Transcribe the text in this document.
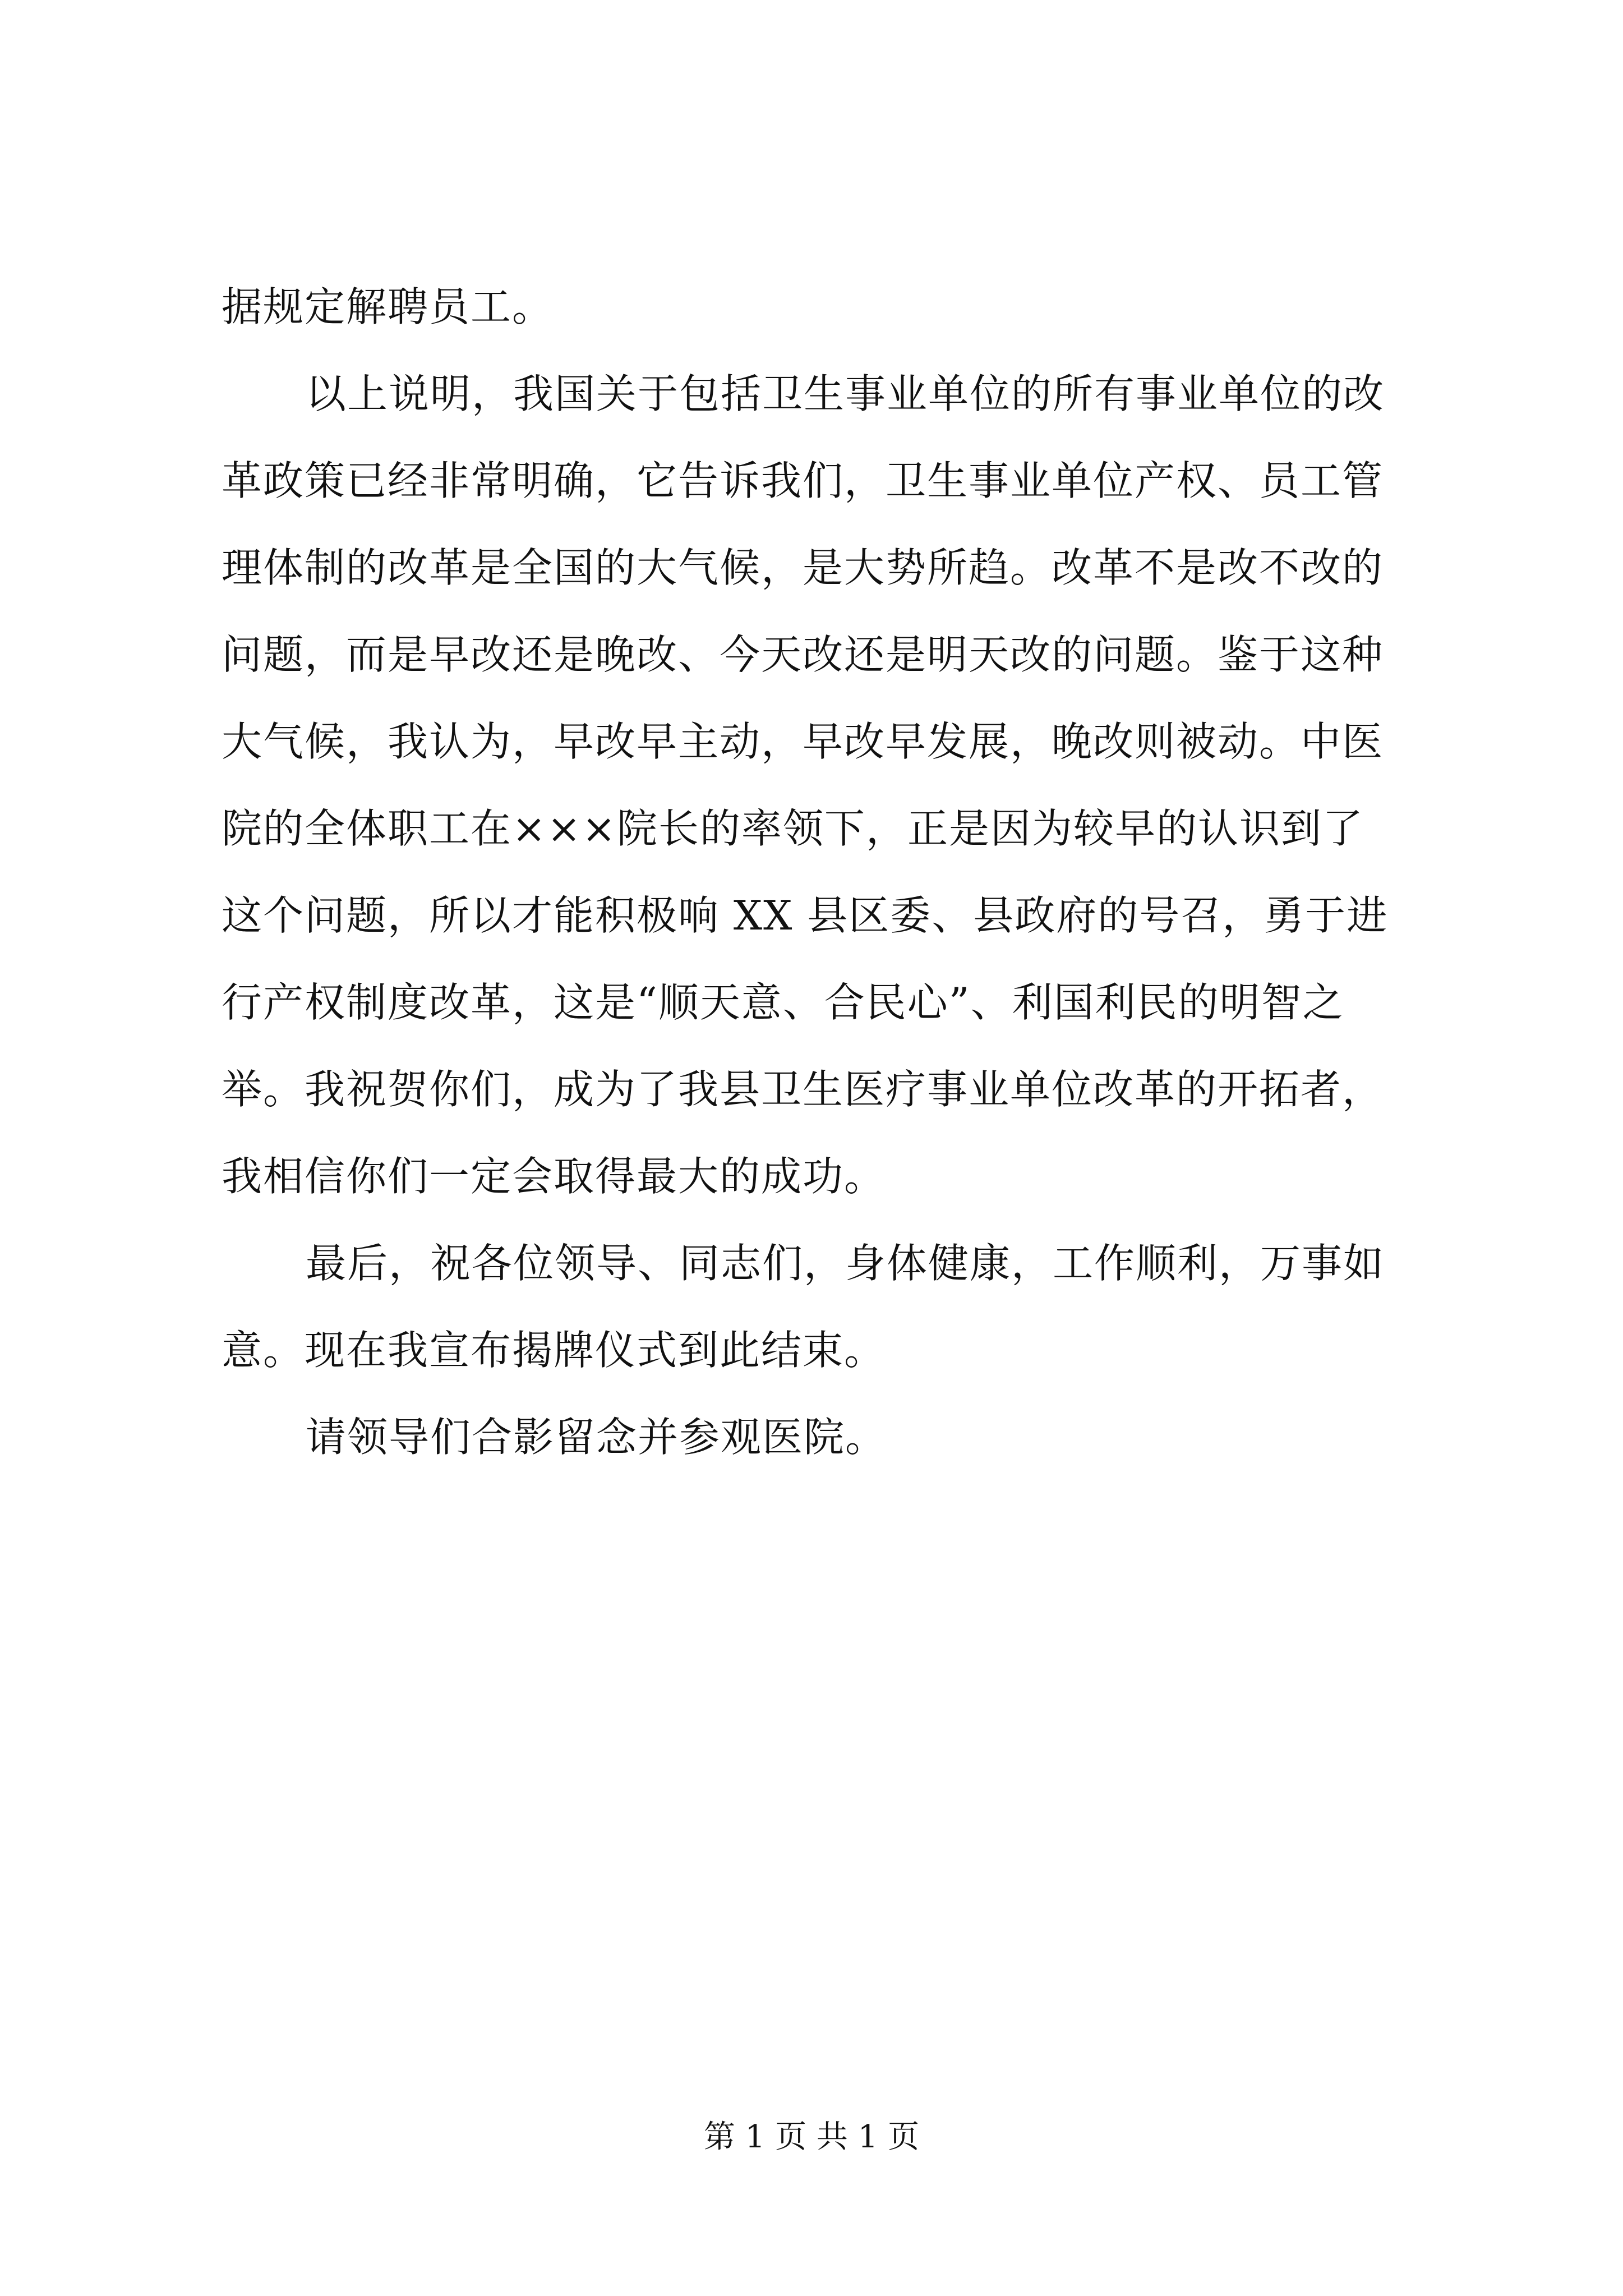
据规定解聘员工。
以上说明，我国关于包括卫生事业单位的所有事业单位的改
革政策已经非常明确，它告诉我们，卫生事业单位产权、员工管
理体制的改革是全国的大气候，是大势所趋。改革不是改不改的
问题，而是早改还是晚改、今天改还是明天改的问题。鉴于这种
大气候，我认为，早改早主动，早改早发展，晚改则被动。中医
院的全体职工在×××院长的率领下，正是因为较早的认识到了
这个问题，所以才能积极响 XX 县区委、县政府的号召，勇于进
行产权制度改革，这是“顺天意、合民心”、利国利民的明智之
举。我祝贺你们，成为了我县卫生医疗事业单位改革的开拓者，
我相信你们一定会取得最大的成功。
最后，祝各位领导、同志们，身体健康，工作顺利，万事如
意。现在我宣布揭牌仪式到此结束。
请领导们合影留念并参观医院。
第 1 页 共 1 页
